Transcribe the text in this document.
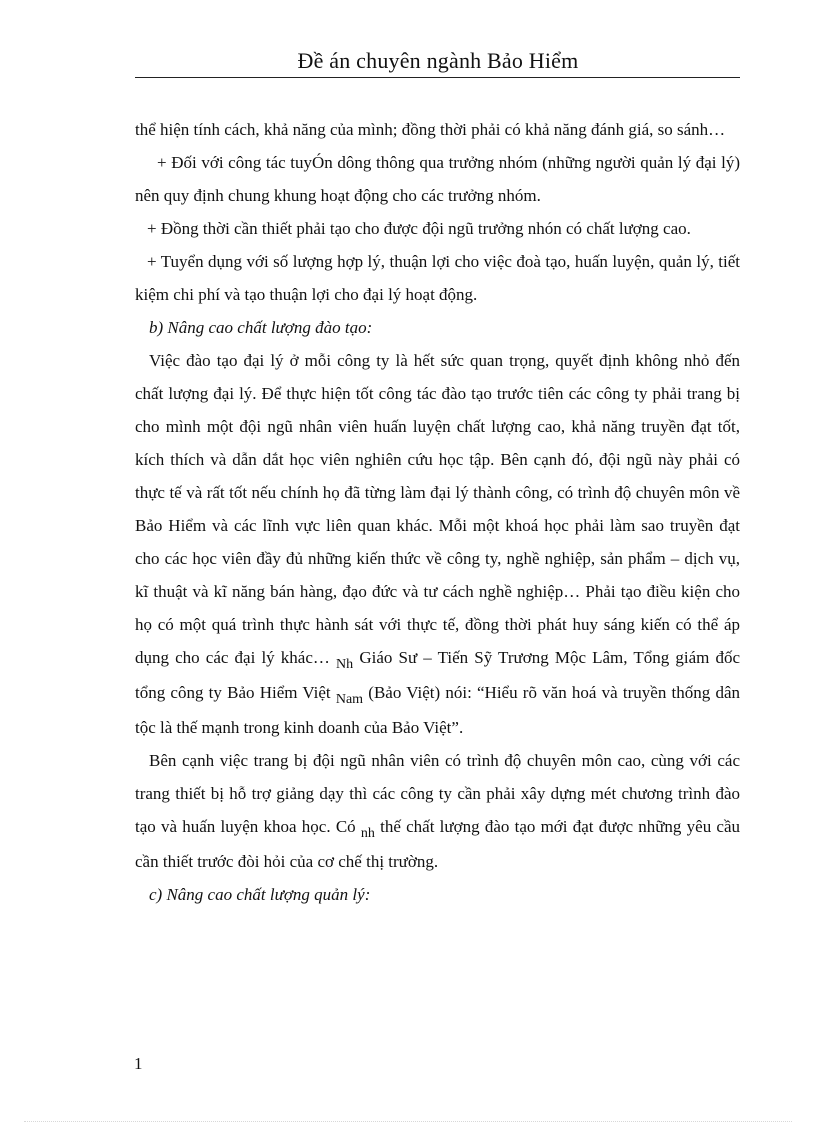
Đề án chuyên ngành Bảo Hiểm

thể hiện tính cách, khả năng của mình; đồng thời phải có khả năng đánh giá, so sánh…

+ Đối với công tác tuyÓn dông thông qua trưởng nhóm (những người quản lý đại lý) nên quy định chung khung hoạt động cho các trưởng nhóm.

+ Đồng thời cần thiết phải tạo cho được đội ngũ trưởng nhón có chất lượng cao.

+ Tuyển dụng với số lượng hợp lý, thuận lợi cho việc đoà tạo, huấn luyện, quản lý, tiết kiệm chi phí và tạo thuận lợi cho đại lý hoạt động.

b) Nâng cao chất lượng đào tạo:

Việc đào tạo đại lý ở mỗi công ty là hết sức quan trọng, quyết định không nhỏ đến chất lượng đại lý. Để thực hiện tốt công tác đào tạo trước tiên các công ty phải trang bị cho mình một đội ngũ nhân viên huấn luyện chất lượng cao, khả năng truyền đạt tốt, kích thích và dẫn dắt học viên nghiên cứu học tập. Bên cạnh đó, đội ngũ này phải có thực tế và rất tốt nếu chính họ đã từng làm đại lý thành công, có trình độ chuyên môn về Bảo Hiểm và các lĩnh vực liên quan khác. Mỗi một khoá học phải làm sao truyền đạt cho các học viên đầy đủ những kiến thức về công ty, nghề nghiệp, sản phẩm – dịch vụ, kĩ thuật và kĩ năng bán hàng, đạo đức và tư cách nghề nghiệp… Phải tạo điều kiện cho họ có một quá trình thực hành sát với thực tế, đồng thời phát huy sáng kiến có thể áp dụng cho các đại lý khác… $_{Nh}$ Giáo Sư – Tiến Sỹ Trương Mộc Lâm, Tổng giám đốc tổng công ty Bảo Hiểm Việt $_{Nam}$ (Bảo Việt) nói: “Hiểu rõ văn hoá và truyền thống dân tộc là thế mạnh trong kinh doanh của Bảo Việt”.

Bên cạnh việc trang bị đội ngũ nhân viên có trình độ chuyên môn cao, cùng với các trang thiết bị hỗ trợ giảng dạy thì các công ty cần phải xây dựng mét chương trình đào tạo và huấn luyện khoa học. Có $_{nh}$ thế chất lượng đào tạo mới đạt được những yêu cầu cần thiết trước đòi hỏi của cơ chế thị trường.

c) Nâng cao chất lượng quản lý:

1
